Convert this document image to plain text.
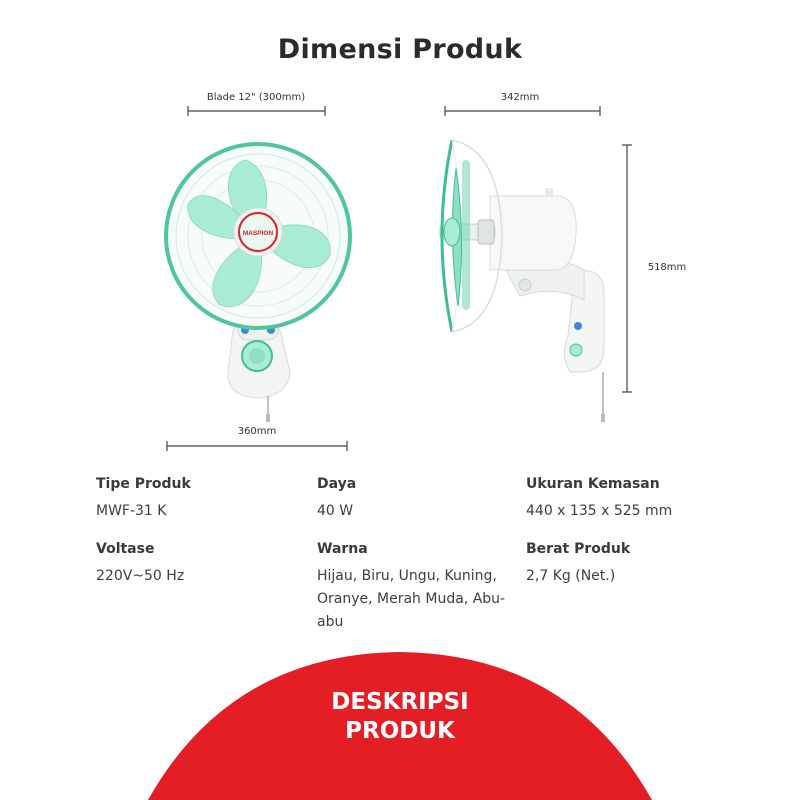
Dimensi Produk
Blade 12" (300mm)	342mm
518mm
360mm
MASPION
Tipe Produk
MWF-31 K
Daya
40 W
Ukuran Kemasan
440 x 135 x 525 mm
Voltase
220V~50 Hz
Warna
Hijau, Biru, Ungu, Kuning, Oranye, Merah Muda, Abu-abu
Berat Produk
2,7 Kg (Net.)
DESKRIPSI
PRODUK
